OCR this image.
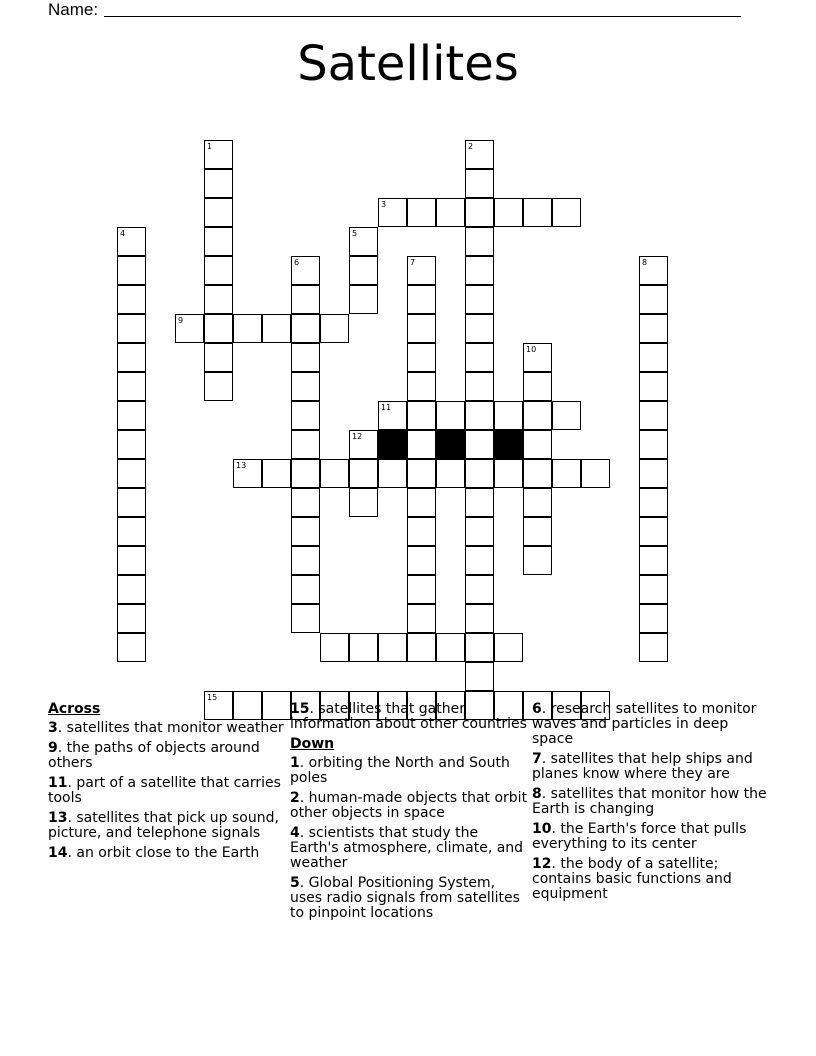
Name:
Satellites
1	2
3
4	5
6	7	8
9
10
11
13
15
12
Across
3. satellites that monitor weather
9. the paths of objects around others
11. part of a satellite that carries tools
13. satellites that pick up sound, picture, and telephone signals
14. an orbit close to the Earth
15. satellites that gather information about other countries
Down
1. orbiting the North and South poles
2. human-made objects that orbit other objects in space
4. scientists that study the Earth's atmosphere, climate, and weather
5. Global Positioning System, uses radio signals from satellites to pinpoint locations
6. research satellites to monitor waves and particles in deep space
7. satellites that help ships and planes know where they are
8. satellites that monitor how the Earth is changing
10. the Earth's force that pulls everything to its center
12. the body of a satellite; contains basic functions and equipment
